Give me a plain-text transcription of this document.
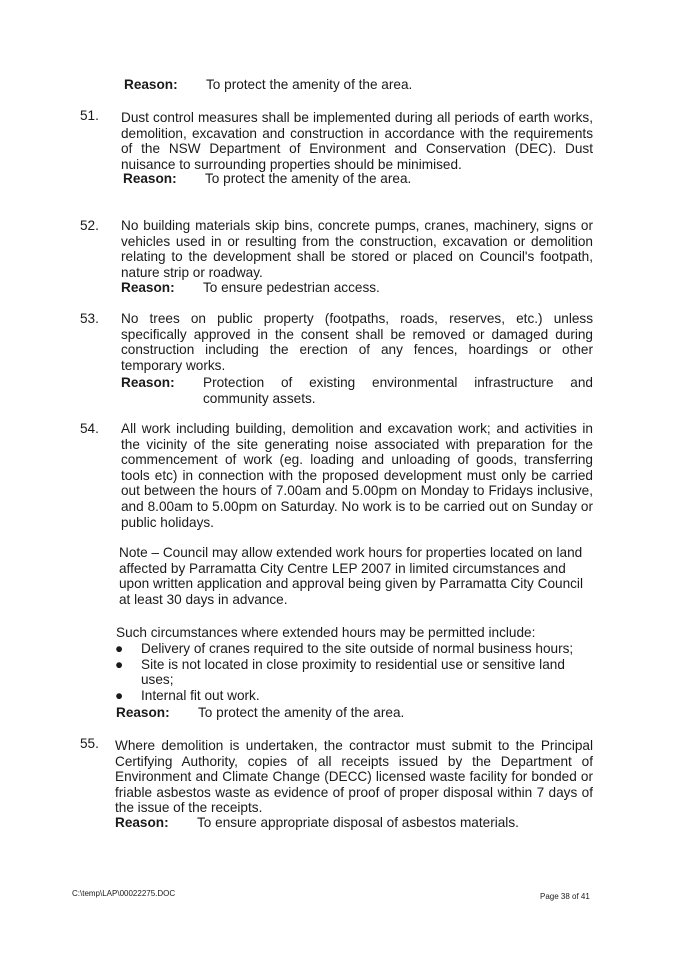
Reason: To protect the amenity of the area.
51. Dust control measures shall be implemented during all periods of earth works, demolition, excavation and construction in accordance with the requirements of the NSW Department of Environment and Conservation (DEC). Dust nuisance to surrounding properties should be minimised.
Reason: To protect the amenity of the area.
52. No building materials skip bins, concrete pumps, cranes, machinery, signs or vehicles used in or resulting from the construction, excavation or demolition relating to the development shall be stored or placed on Council's footpath, nature strip or roadway.
Reason: To ensure pedestrian access.
53. No trees on public property (footpaths, roads, reserves, etc.) unless specifically approved in the consent shall be removed or damaged during construction including the erection of any fences, hoardings or other temporary works.
Reason: Protection of existing environmental infrastructure and community assets.
54. All work including building, demolition and excavation work; and activities in the vicinity of the site generating noise associated with preparation for the commencement of work (eg. loading and unloading of goods, transferring tools etc) in connection with the proposed development must only be carried out between the hours of 7.00am and 5.00pm on Monday to Fridays inclusive, and 8.00am to 5.00pm on Saturday. No work is to be carried out on Sunday or public holidays.
Note – Council may allow extended work hours for properties located on land affected by Parramatta City Centre LEP 2007 in limited circumstances and upon written application and approval being given by Parramatta City Council at least 30 days in advance.
Such circumstances where extended hours may be permitted include:
● Delivery of cranes required to the site outside of normal business hours;
● Site is not located in close proximity to residential use or sensitive land uses;
● Internal fit out work.
Reason: To protect the amenity of the area.
55. Where demolition is undertaken, the contractor must submit to the Principal Certifying Authority, copies of all receipts issued by the Department of Environment and Climate Change (DECC) licensed waste facility for bonded or friable asbestos waste as evidence of proof of proper disposal within 7 days of the issue of the receipts.
Reason: To ensure appropriate disposal of asbestos materials.
C:\temp\LAP\00022275.DOC	Page 38 of 41
